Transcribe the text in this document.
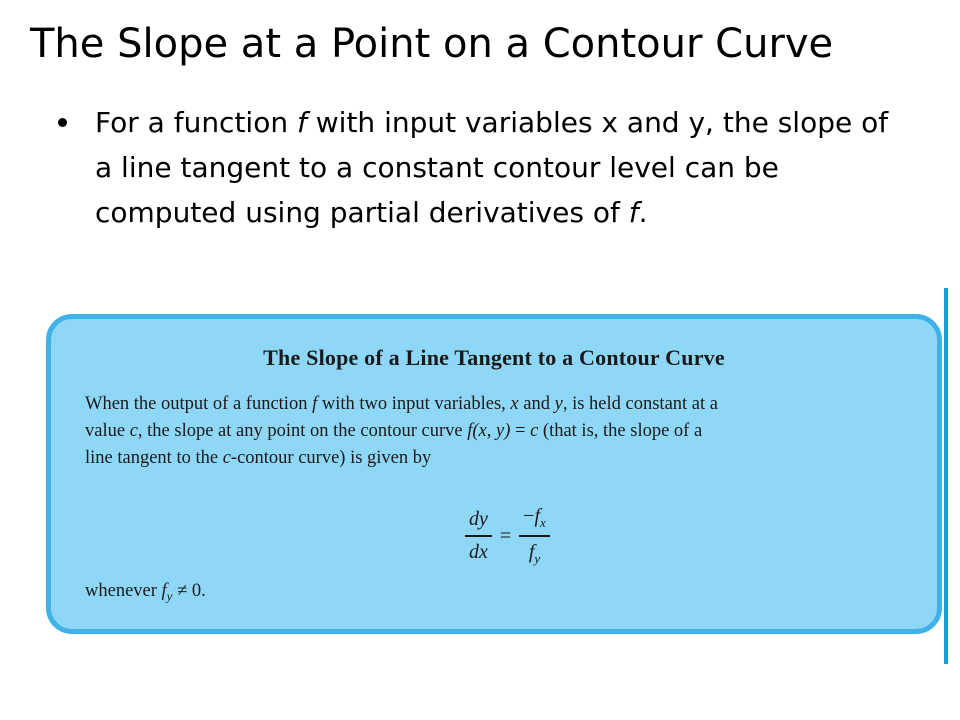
The Slope at a Point on a Contour Curve
For a function f with input variables x and y, the slope of a line tangent to a constant contour level can be computed using partial derivatives of f.
The Slope of a Line Tangent to a Contour Curve

When the output of a function f with two input variables, x and y, is held constant at a

value c, the slope at any point on the contour curve f(x, y) = c (that is, the slope of a

line tangent to the c-contour curve) is given by

$\frac{dy}{dx} = \frac{-f_x}{f_y}$
whenever $f_y \ne 0$.
